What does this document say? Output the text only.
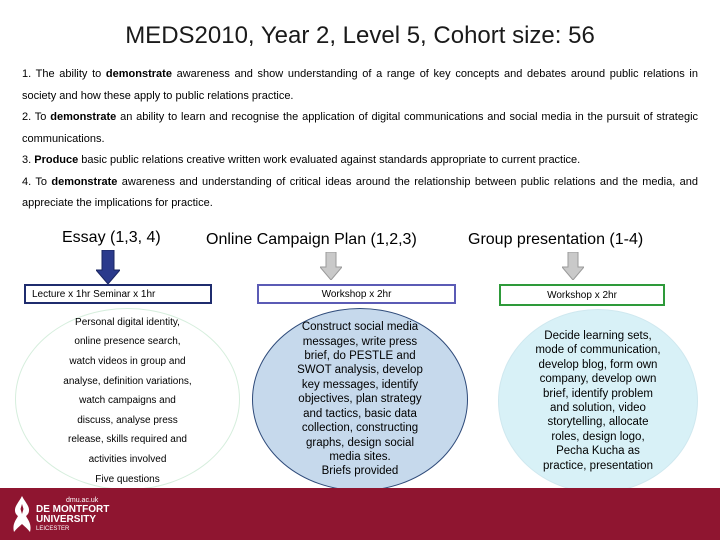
MEDS2010, Year 2, Level 5, Cohort size: 56

1. The ability to demonstrate awareness and show understanding of a range of key concepts and debates around public relations in society and how these apply to public relations practice.

2. To demonstrate an ability to learn and recognise the application of digital communications and social media in the pursuit of strategic communications.

3. Produce basic public relations creative written work evaluated against standards appropriate to current practice.

4. To demonstrate awareness and understanding of critical ideas around the relationship between public relations and the media, and appreciate the implications for practice.

Essay (1,3, 4)
Lecture x 1hr Seminar x 1hr
Personal digital identity,
online presence search,
watch videos in group and
analyse, definition variations,
watch campaigns and
discuss, analyse press
release, skills required and
activities involved
Five questions
Online Campaign Plan (1,2,3)
Workshop x 2hr
Construct social media
messages, write press
brief, do PESTLE and
SWOT analysis, develop
key messages, identify
objectives, plan strategy
and tactics, basic data
collection, constructing
graphs, design social
media sites.
Briefs provided
Group presentation (1-4)
Workshop x 2hr
Decide learning sets,
mode of communication,
develop blog, form own
company, develop own
brief, identify problem
and solution, video
storytelling, allocate
roles, design logo,
Pecha Kucha as
practice, presentation
dmu.ac.uk
DE MONTFORT
UNIVERSITY
LEICESTER
